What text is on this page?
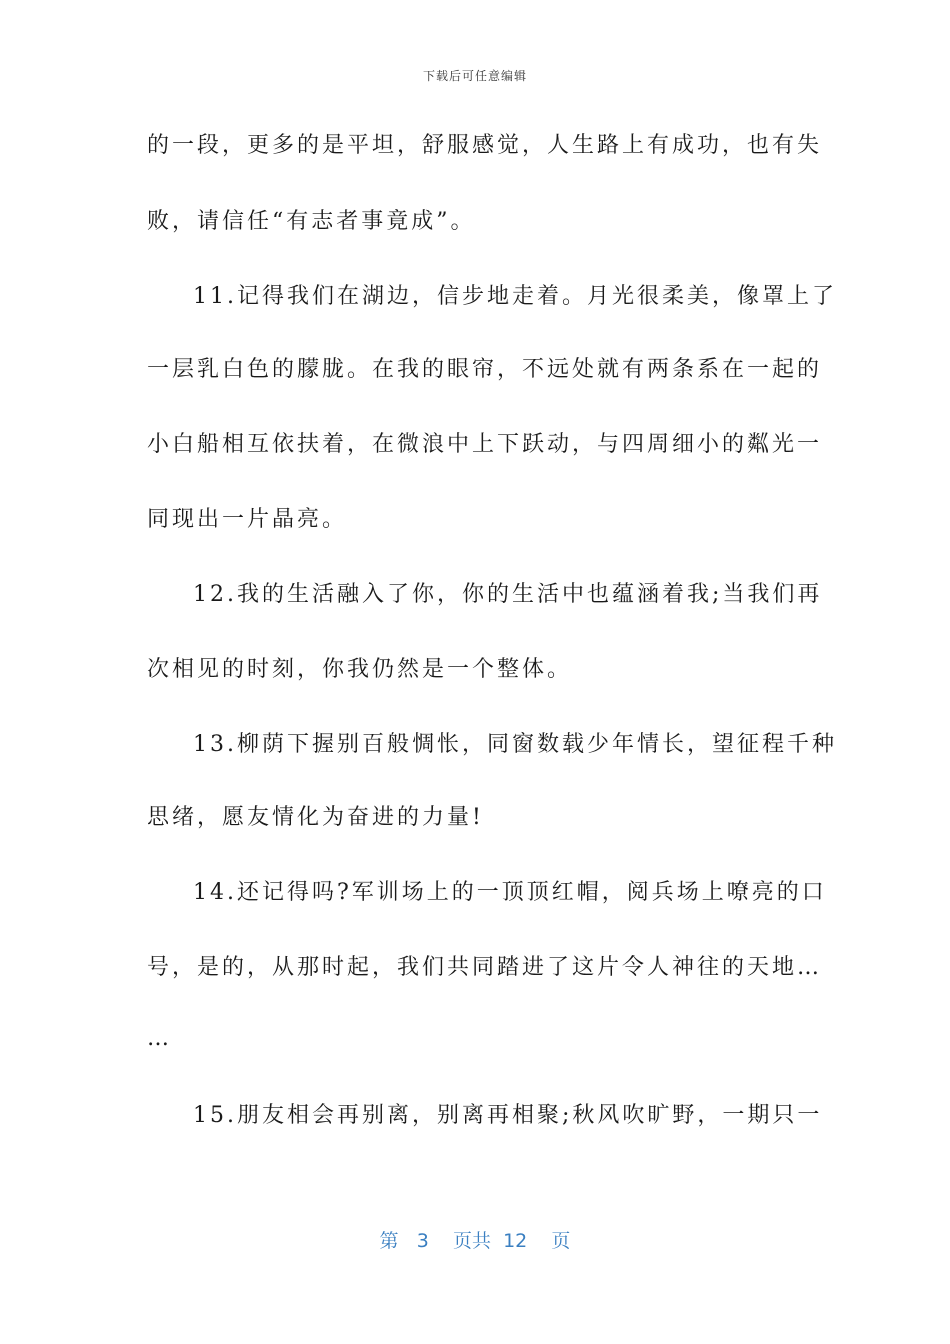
下载后可任意编辑
的一段，更多的是平坦，舒服感觉，人生路上有成功，也有失
败，请信任“有志者事竟成”。
11.记得我们在湖边，信步地走着。月光很柔美，像罩上了
一层乳白色的朦胧。在我的眼帘，不远处就有两条系在一起的
小白船相互依扶着，在微浪中上下跃动，与四周细小的粼光一
同现出一片晶亮。
12.我的生活融入了你，你的生活中也蕴涵着我;当我们再
次相见的时刻，你我仍然是一个整体。
13.柳荫下握别百般惆怅，同窗数载少年情长，望征程千种
思绪，愿友情化为奋进的力量!
14.还记得吗?军训场上的一顶顶红帽，阅兵场上嘹亮的口
号，是的，从那时起，我们共同踏进了这片令人神往的天地…
…
15.朋友相会再别离，别离再相聚;秋风吹旷野，一期只一
第 3 页共 12 页
